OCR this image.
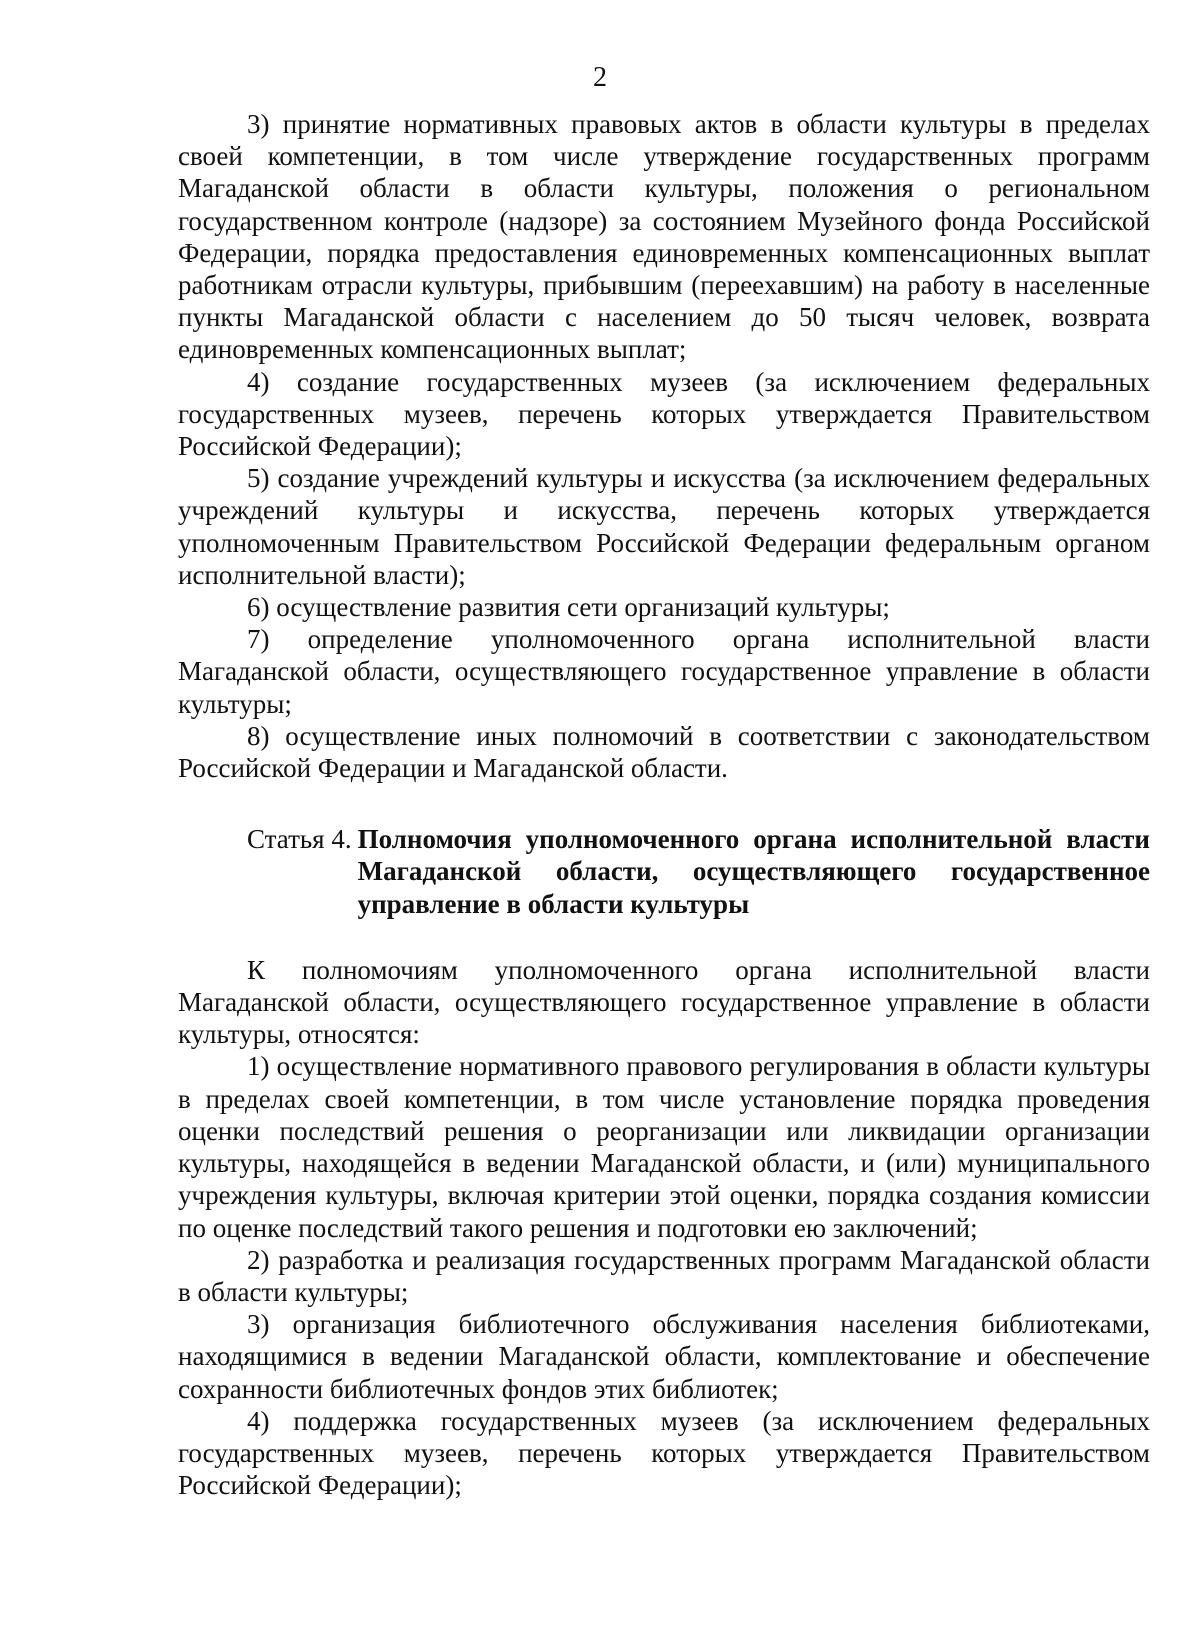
2

3) принятие нормативных правовых актов в области культуры в пределах своей компетенции, в том числе утверждение государственных программ Магаданской области в области культуры, положения о региональном государственном контроле (надзоре) за состоянием Музейного фонда Российской Федерации, порядка предоставления единовременных компенсационных выплат работникам отрасли культуры, прибывшим (переехавшим) на работу в населенные пункты Магаданской области с населением до 50 тысяч человек, возврата единовременных компенсационных выплат;

4) создание государственных музеев (за исключением федеральных государственных музеев, перечень которых утверждается Правительством Российской Федерации);

5) создание учреждений культуры и искусства (за исключением федеральных учреждений культуры и искусства, перечень которых утверждается уполномоченным Правительством Российской Федерации федеральным органом исполнительной власти);

6) осуществление развития сети организаций культуры;

7) определение уполномоченного органа исполнительной власти Магаданской области, осуществляющего государственное управление в области культуры;

8) осуществление иных полномочий в соответствии с законодательством Российской Федерации и Магаданской области.

Статья 4. Полномочия уполномоченного органа исполнительной власти Магаданской области, осуществляющего государственное управление в области культуры

К полномочиям уполномоченного органа исполнительной власти Магаданской области, осуществляющего государственное управление в области культуры, относятся:

1) осуществление нормативного правового регулирования в области культуры в пределах своей компетенции, в том числе установление порядка проведения оценки последствий решения о реорганизации или ликвидации организации культуры, находящейся в ведении Магаданской области, и (или) муниципального учреждения культуры, включая критерии этой оценки, порядка создания комиссии по оценке последствий такого решения и подготовки ею заключений;

2) разработка и реализация государственных программ Магаданской области в области культуры;

3) организация библиотечного обслуживания населения библиотеками, находящимися в ведении Магаданской области, комплектование и обеспечение сохранности библиотечных фондов этих библиотек;

4) поддержка государственных музеев (за исключением федеральных государственных музеев, перечень которых утверждается Правительством Российской Федерации);
